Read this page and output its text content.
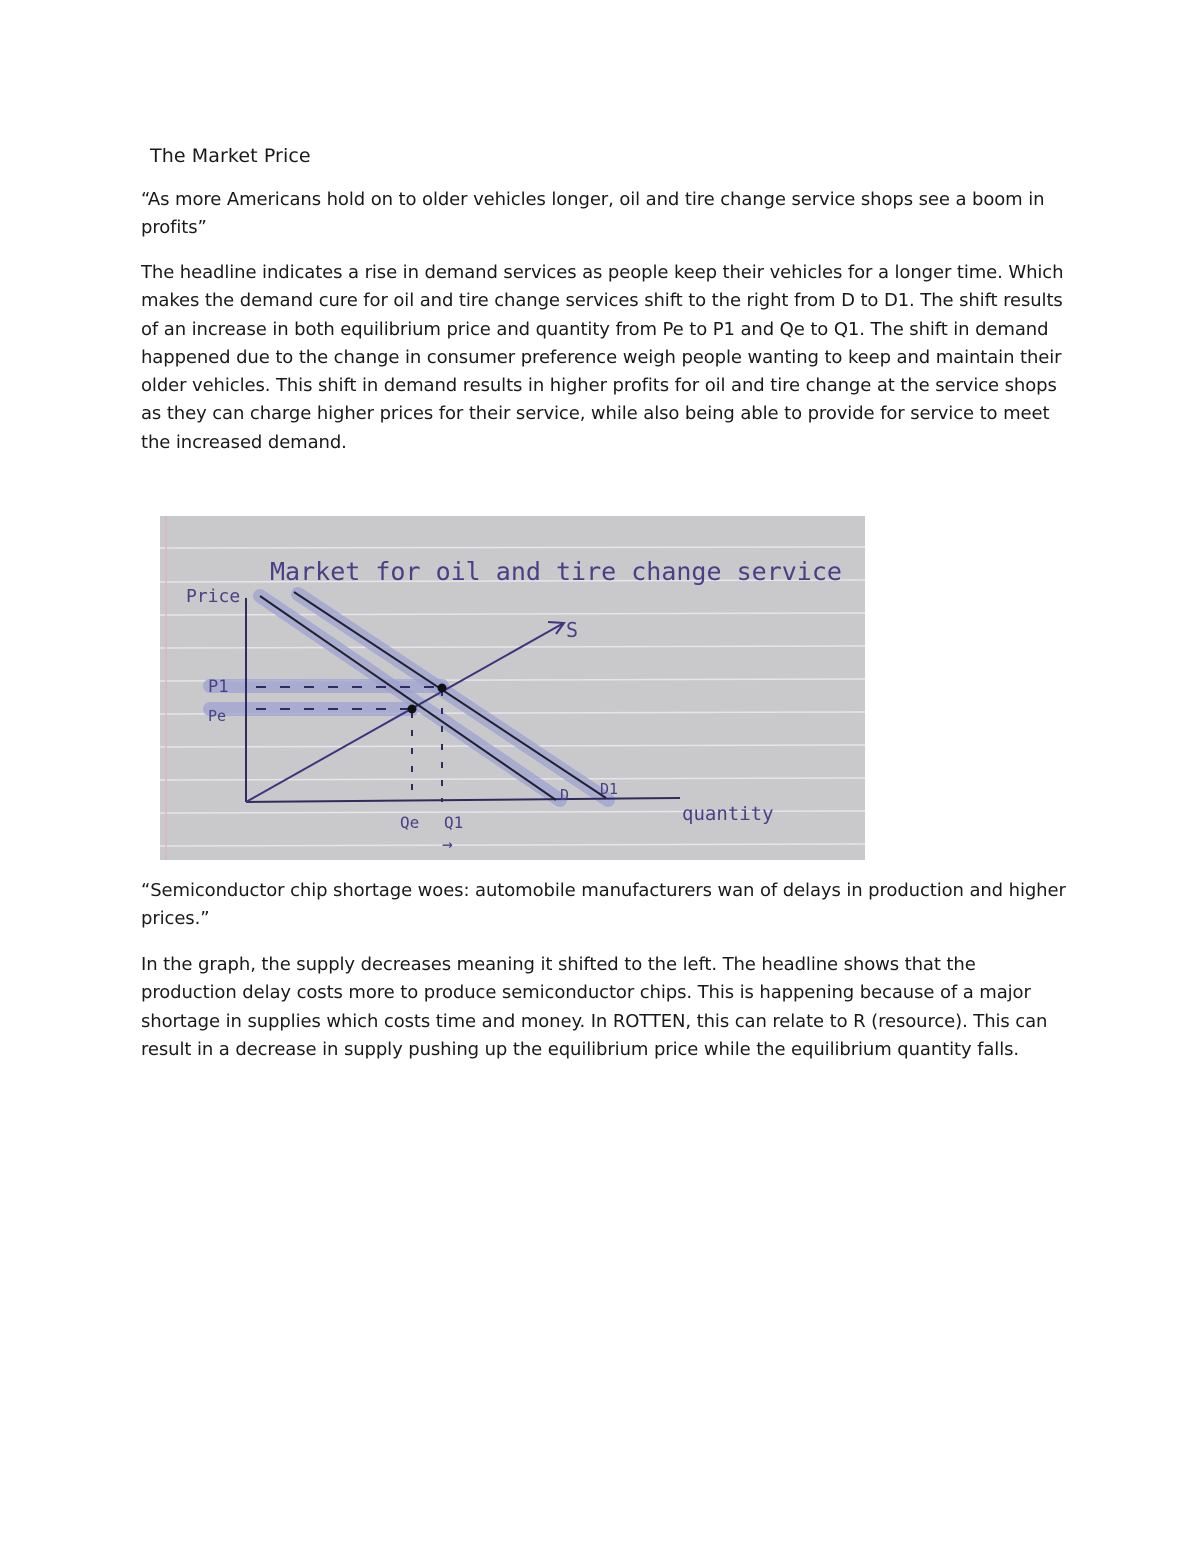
The Market Price

“As more Americans hold on to older vehicles longer, oil and tire change service shops see a boom in profits”

The headline indicates a rise in demand services as people keep their vehicles for a longer time. Which makes the demand cure for oil and tire change services shift to the right from D to D1. The shift results of an increase in both equilibrium price and quantity from Pe to P1 and Qe to Q1. The shift in demand happened due to the change in consumer preference weigh people wanting to keep and maintain their older vehicles. This shift in demand results in higher profits for oil and tire change at the service shops as they can charge higher prices for their service, while also being able to provide for service to meet the increased demand.

Market for oil and tire change service
Price
quantity
S
D D1
P1
Pe
Qe Q1
→

“Semiconductor chip shortage woes: automobile manufacturers wan of delays in production and higher prices.”

In the graph, the supply decreases meaning it shifted to the left. The headline shows that the production delay costs more to produce semiconductor chips. This is happening because of a major shortage in supplies which costs time and money. In ROTTEN, this can relate to R (resource). This can result in a decrease in supply pushing up the equilibrium price while the equilibrium quantity falls.
